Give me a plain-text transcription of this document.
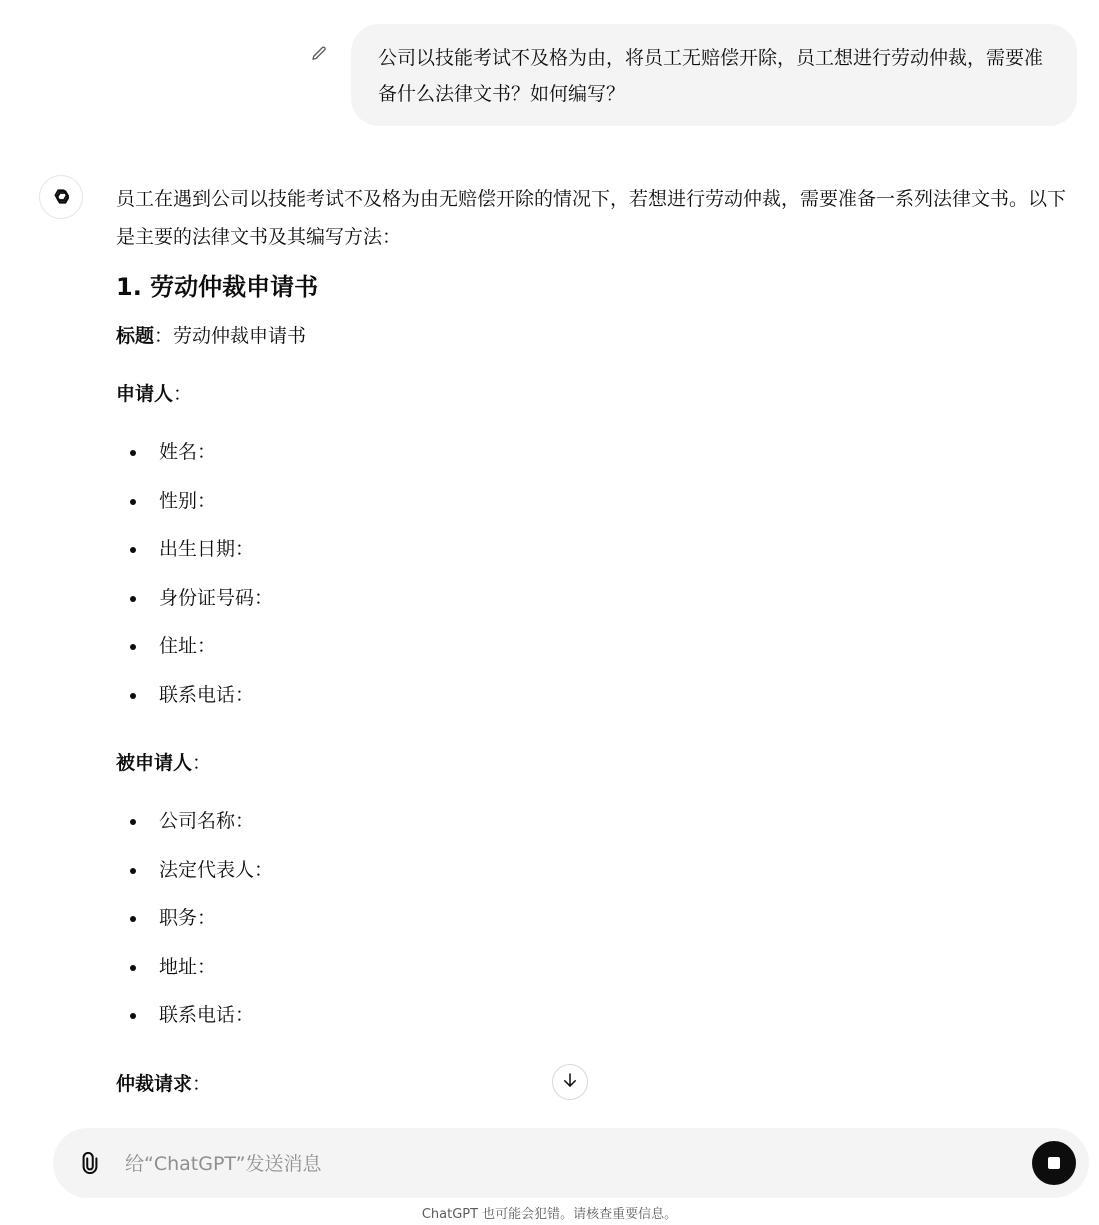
公司以技能考试不及格为由，将员工无赔偿开除，员工想进行劳动仲裁，需要准备什么法律文书？如何编写？

员工在遇到公司以技能考试不及格为由无赔偿开除的情况下，若想进行劳动仲裁，需要准备一系列法律文书。以下是主要的法律文书及其编写方法：

1. 劳动仲裁申请书

标题：劳动仲裁申请书

申请人：

姓名：
性别：
出生日期：
身份证号码：
住址：
联系电话：

被申请人：

公司名称：
法定代表人：
职务：
地址：
联系电话：

仲裁请求：

给“ChatGPT”发送消息
ChatGPT 也可能会犯错。请核查重要信息。
